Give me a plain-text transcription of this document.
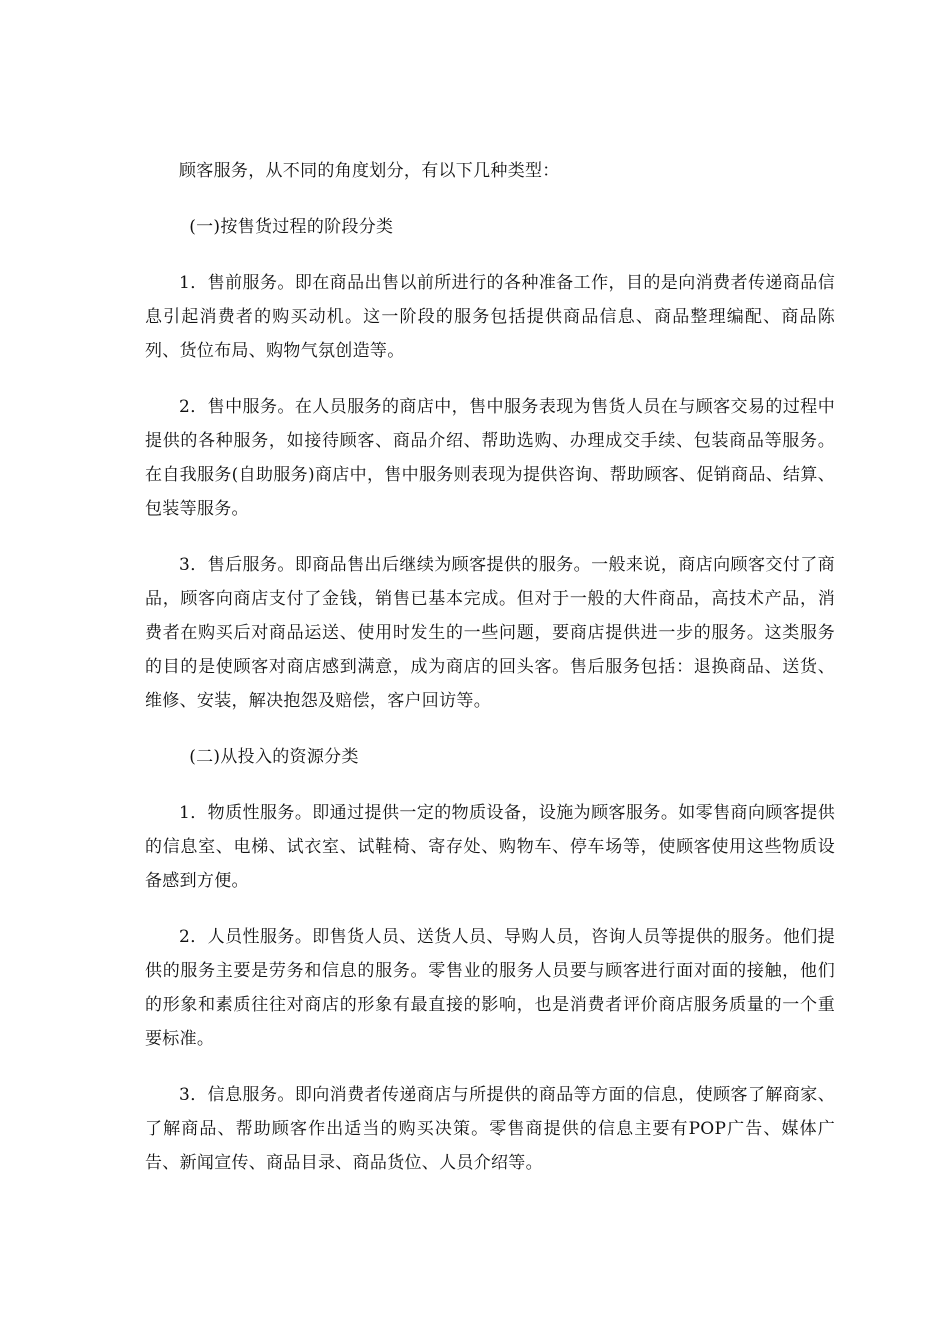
顾客服务，从不同的角度划分，有以下几种类型：

(一)按售货过程的阶段分类

1．售前服务。即在商品出售以前所进行的各种准备工作，目的是向消费者传递商品信息引起消费者的购买动机。这一阶段的服务包括提供商品信息、商品整理编配、商品陈列、货位布局、购物气氛创造等。

2．售中服务。在人员服务的商店中，售中服务表现为售货人员在与顾客交易的过程中提供的各种服务，如接待顾客、商品介绍、帮助选购、办理成交手续、包装商品等服务。在自我服务(自助服务)商店中，售中服务则表现为提供咨询、帮助顾客、促销商品、结算、包装等服务。

3．售后服务。即商品售出后继续为顾客提供的服务。一般来说，商店向顾客交付了商品，顾客向商店支付了金钱，销售已基本完成。但对于一般的大件商品，高技术产品，消费者在购买后对商品运送、使用时发生的一些问题，要商店提供进一步的服务。这类服务的目的是使顾客对商店感到满意，成为商店的回头客。售后服务包括：退换商品、送货、维修、安装，解决抱怨及赔偿，客户回访等。

(二)从投入的资源分类

1．物质性服务。即通过提供一定的物质设备，设施为顾客服务。如零售商向顾客提供的信息室、电梯、试衣室、试鞋椅、寄存处、购物车、停车场等，使顾客使用这些物质设备感到方便。

2．人员性服务。即售货人员、送货人员、导购人员，咨询人员等提供的服务。他们提供的服务主要是劳务和信息的服务。零售业的服务人员要与顾客进行面对面的接触，他们的形象和素质往往对商店的形象有最直接的影响，也是消费者评价商店服务质量的一个重要标准。

3．信息服务。即向消费者传递商店与所提供的商品等方面的信息，使顾客了解商家、了解商品、帮助顾客作出适当的购买决策。零售商提供的信息主要有POP广告、媒体广告、新闻宣传、商品目录、商品货位、人员介绍等。
